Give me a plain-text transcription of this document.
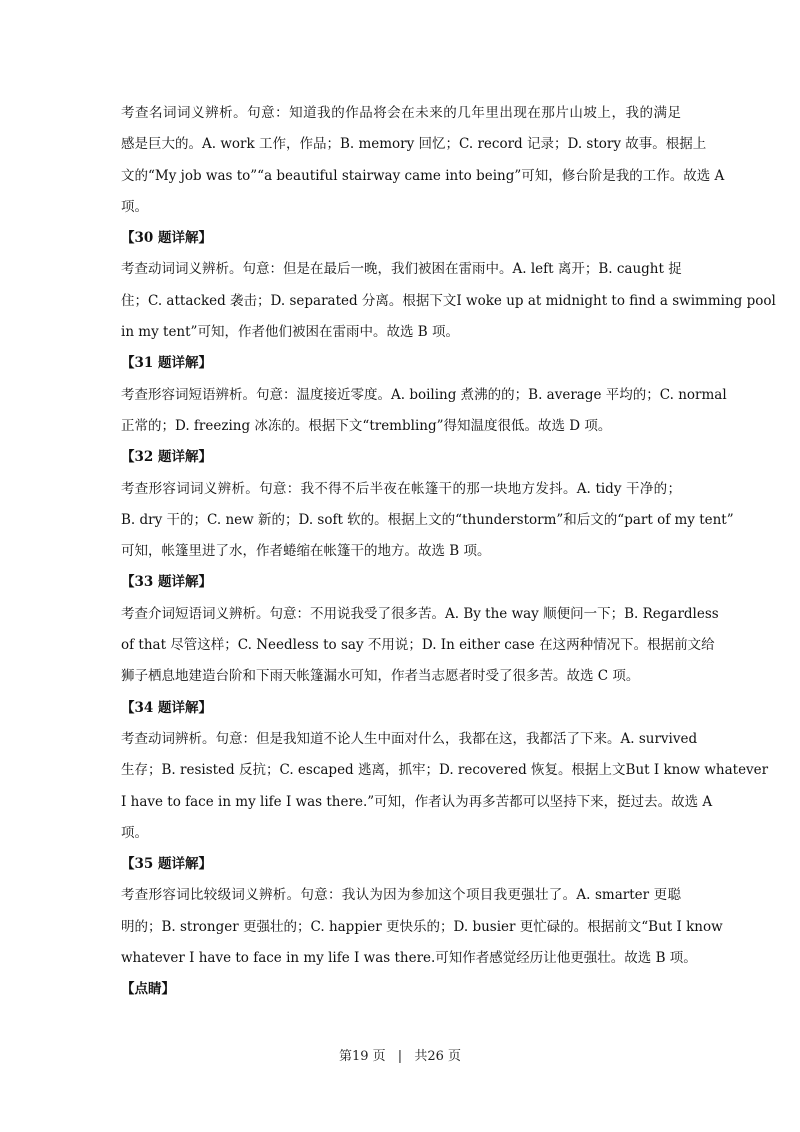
考查名词词义辨析。句意：知道我的作品将会在未来的几年里出现在那片山坡上，我的满足
感是巨大的。A. work 工作，作品；B. memory 回忆；C. record 记录；D. story 故事。根据上
文的“My job was to”“a beautiful stairway came into being”可知，修台阶是我的工作。故选 A
项。
【30 题详解】
考查动词词义辨析。句意：但是在最后一晚，我们被困在雷雨中。A. left 离开；B. caught 捉
住；C. attacked 袭击；D. separated 分离。根据下文I woke up at midnight to find a swimming pool
in my tent”可知，作者他们被困在雷雨中。故选 B 项。
【31 题详解】
考查形容词短语辨析。句意：温度接近零度。A. boiling 煮沸的的；B. average 平均的；C. normal
正常的；D. freezing 冰冻的。根据下文“trembling”得知温度很低。故选 D 项。
【32 题详解】
考查形容词词义辨析。句意：我不得不后半夜在帐篷干的那一块地方发抖。A. tidy 干净的；
B. dry 干的；C. new 新的；D. soft 软的。根据上文的“thunderstorm”和后文的“part of my tent”
可知，帐篷里进了水，作者蜷缩在帐篷干的地方。故选 B 项。
【33 题详解】
考查介词短语词义辨析。句意：不用说我受了很多苦。A. By the way 顺便问一下；B. Regardless
of that 尽管这样；C. Needless to say 不用说；D. In either case 在这两种情况下。根据前文给
狮子栖息地建造台阶和下雨天帐篷漏水可知，作者当志愿者时受了很多苦。故选 C 项。
【34 题详解】
考查动词辨析。句意：但是我知道不论人生中面对什么，我都在这，我都活了下来。A. survived
生存；B. resisted 反抗；C. escaped 逃离，抓牢；D. recovered 恢复。根据上文But I know whatever
I have to face in my life I was there.”可知，作者认为再多苦都可以坚持下来，挺过去。故选 A
项。
【35 题详解】
考查形容词比较级词义辨析。句意：我认为因为参加这个项目我更强壮了。A. smarter 更聪
明的；B. stronger 更强壮的；C. happier 更快乐的；D. busier 更忙碌的。根据前文“But I know
whatever I have to face in my life I was there.可知作者感觉经历让他更强壮。故选 B 项。
【点睛】
第19 页 | 共26 页
